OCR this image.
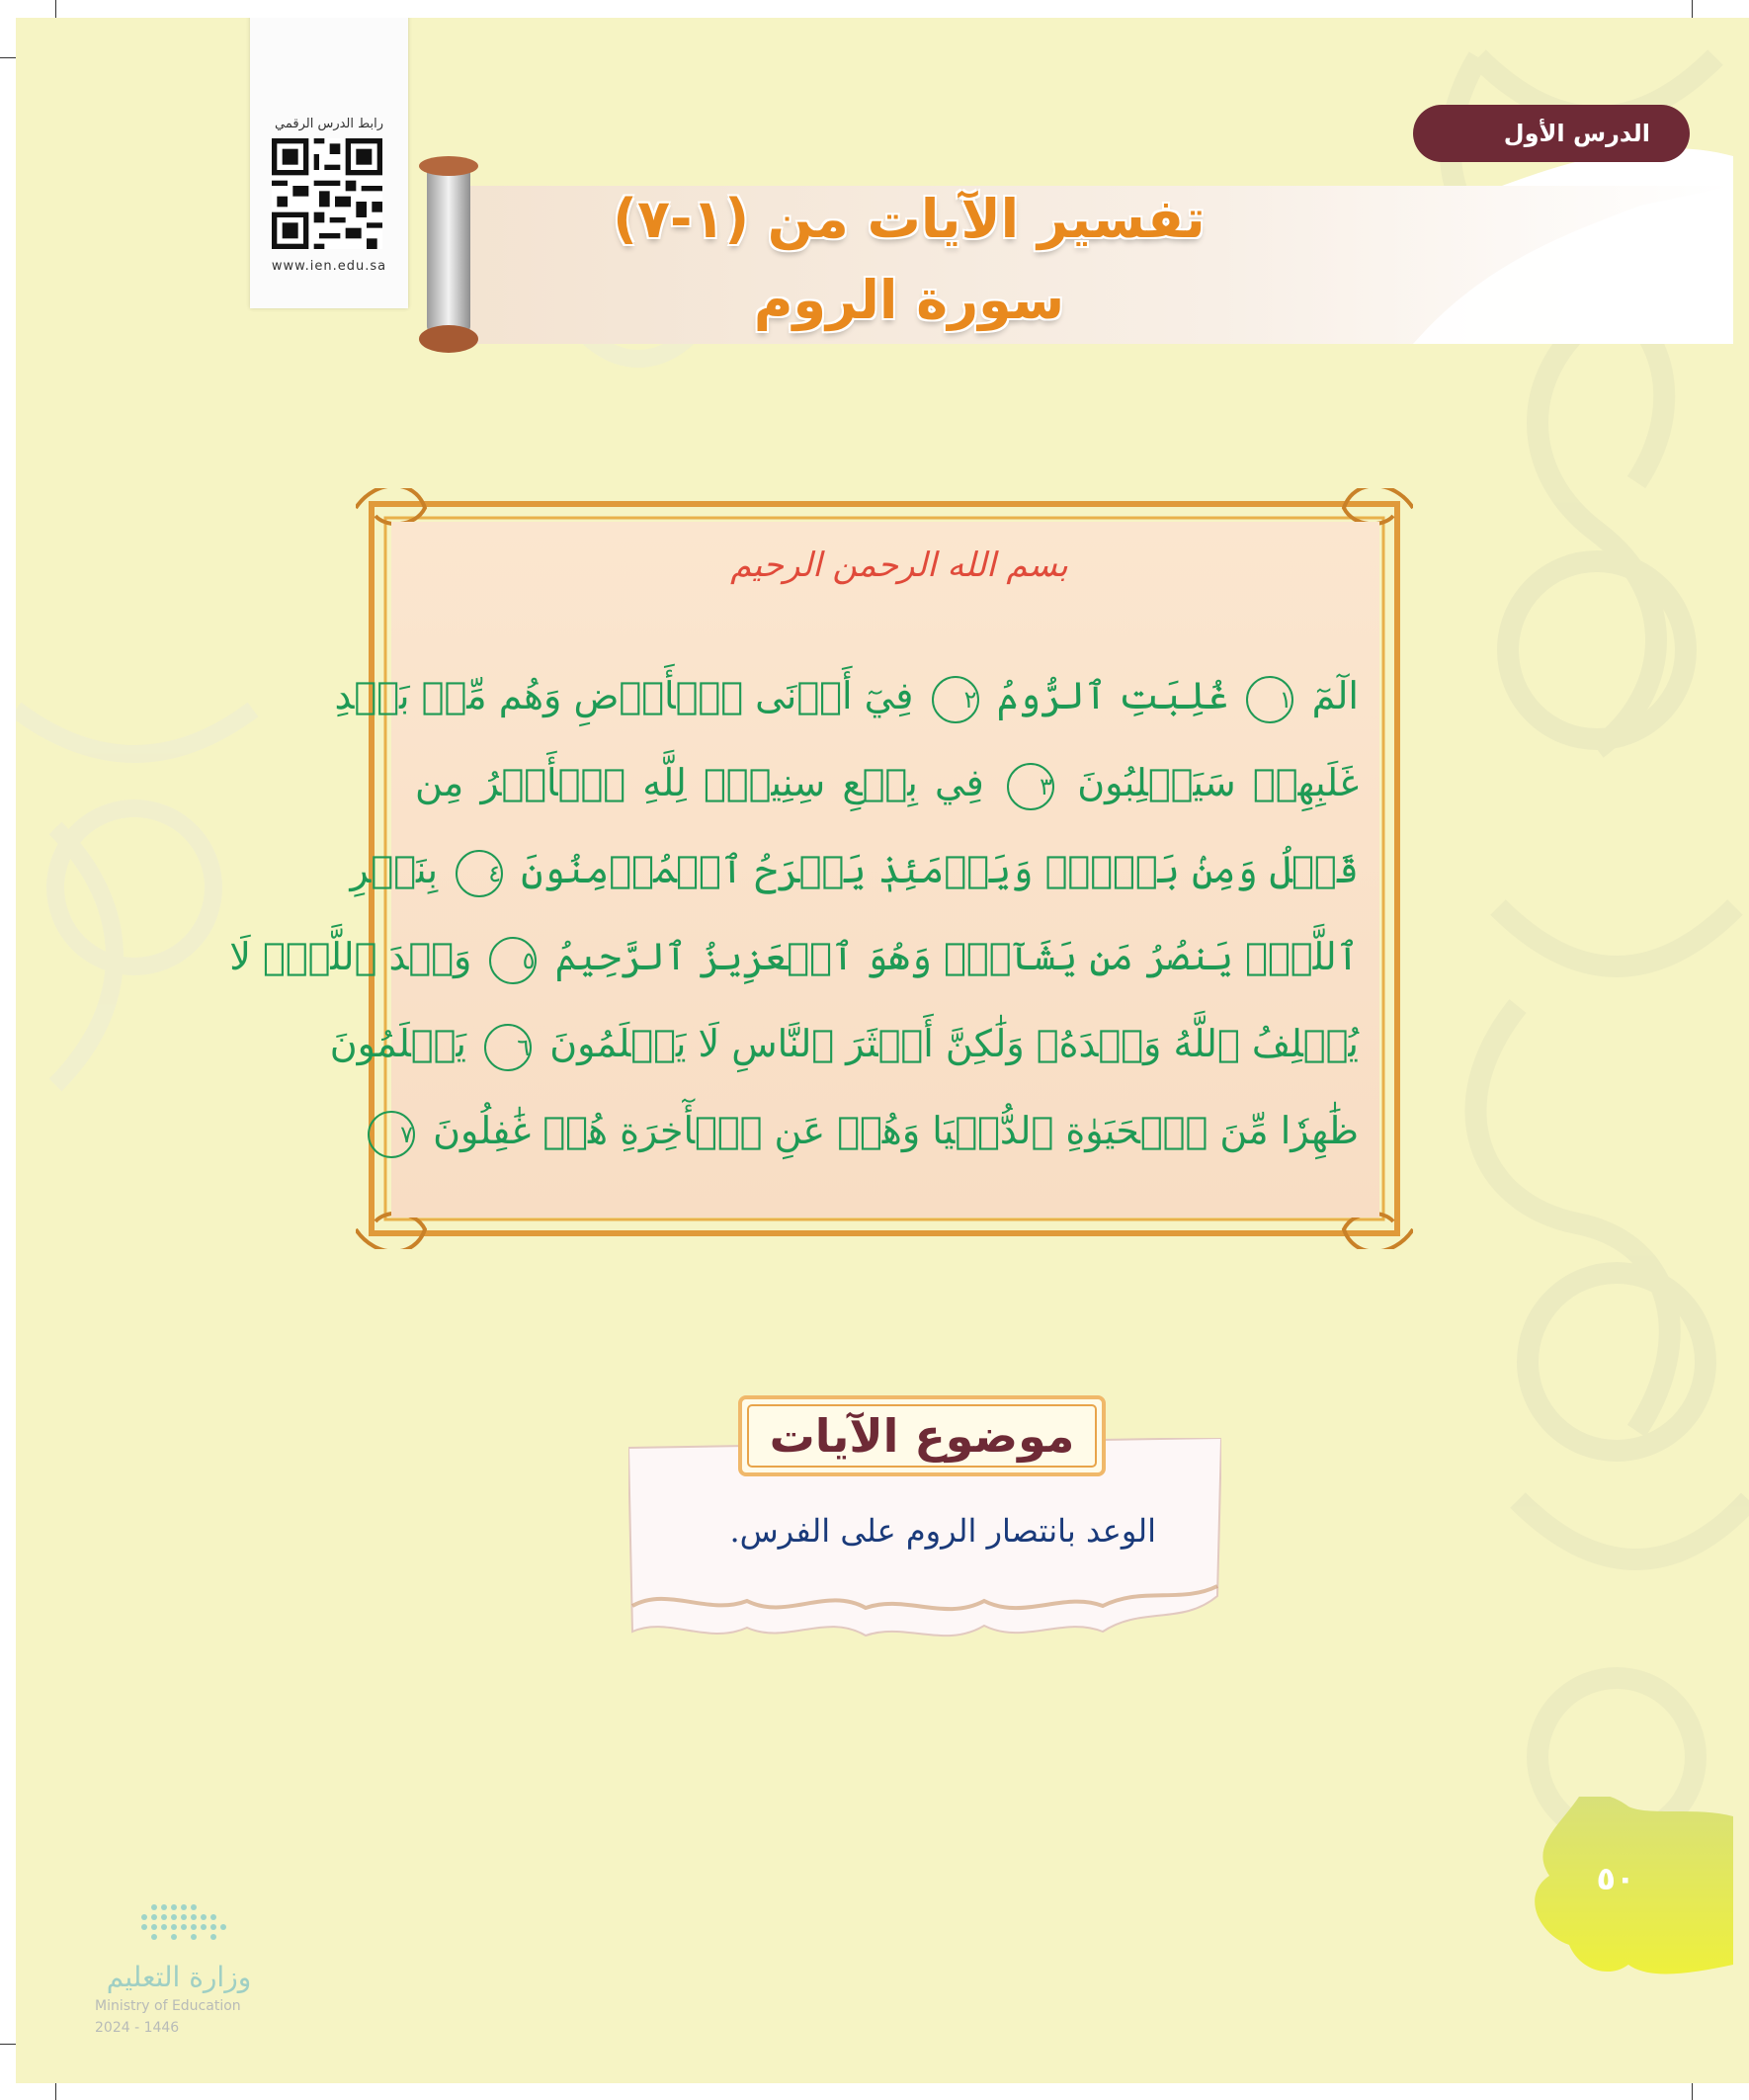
رابط الدرس الرقمي
www.ien.edu.sa
تفسير الآيات من (١-٧)
سورة الروم
الدرس الأول
بسم الله الرحمن الرحيم
الٓمٓ ١ غُلِبَتِ ٱلرُّومُ ٢ فِيٓ أَدۡنَى ٱلۡأَرۡضِ وَهُم مِّنۢ بَعۡدِ
غَلَبِهِمۡ سَيَغۡلِبُونَ ٣ فِي بِضۡعِ سِنِينَۗ لِلَّهِ ٱلۡأَمۡرُ مِن
قَبۡلُ وَمِنۢ بَعۡدُۚ وَيَوۡمَئِذٖ يَفۡرَحُ ٱلۡمُؤۡمِنُونَ ٤ بِنَصۡرِ
ٱللَّهِۚ يَنصُرُ مَن يَشَآءُۖ وَهُوَ ٱلۡعَزِيزُ ٱلرَّحِيمُ ٥ وَعۡدَ ٱللَّهِۖ لَا
يُخۡلِفُ ٱللَّهُ وَعۡدَهُۥ وَلَٰكِنَّ أَكۡثَرَ ٱلنَّاسِ لَا يَعۡلَمُونَ ٦ يَعۡلَمُونَ
ظَٰهِرٗا مِّنَ ٱلۡحَيَوٰةِ ٱلدُّنۡيَا وَهُمۡ عَنِ ٱلۡأٓخِرَةِ هُمۡ غَٰفِلُونَ ٧
موضوع الآيات
الوعد بانتصار الروم على الفرس.
٥٠
وزارة التعليم
Ministry of Education
2024 - 1446
